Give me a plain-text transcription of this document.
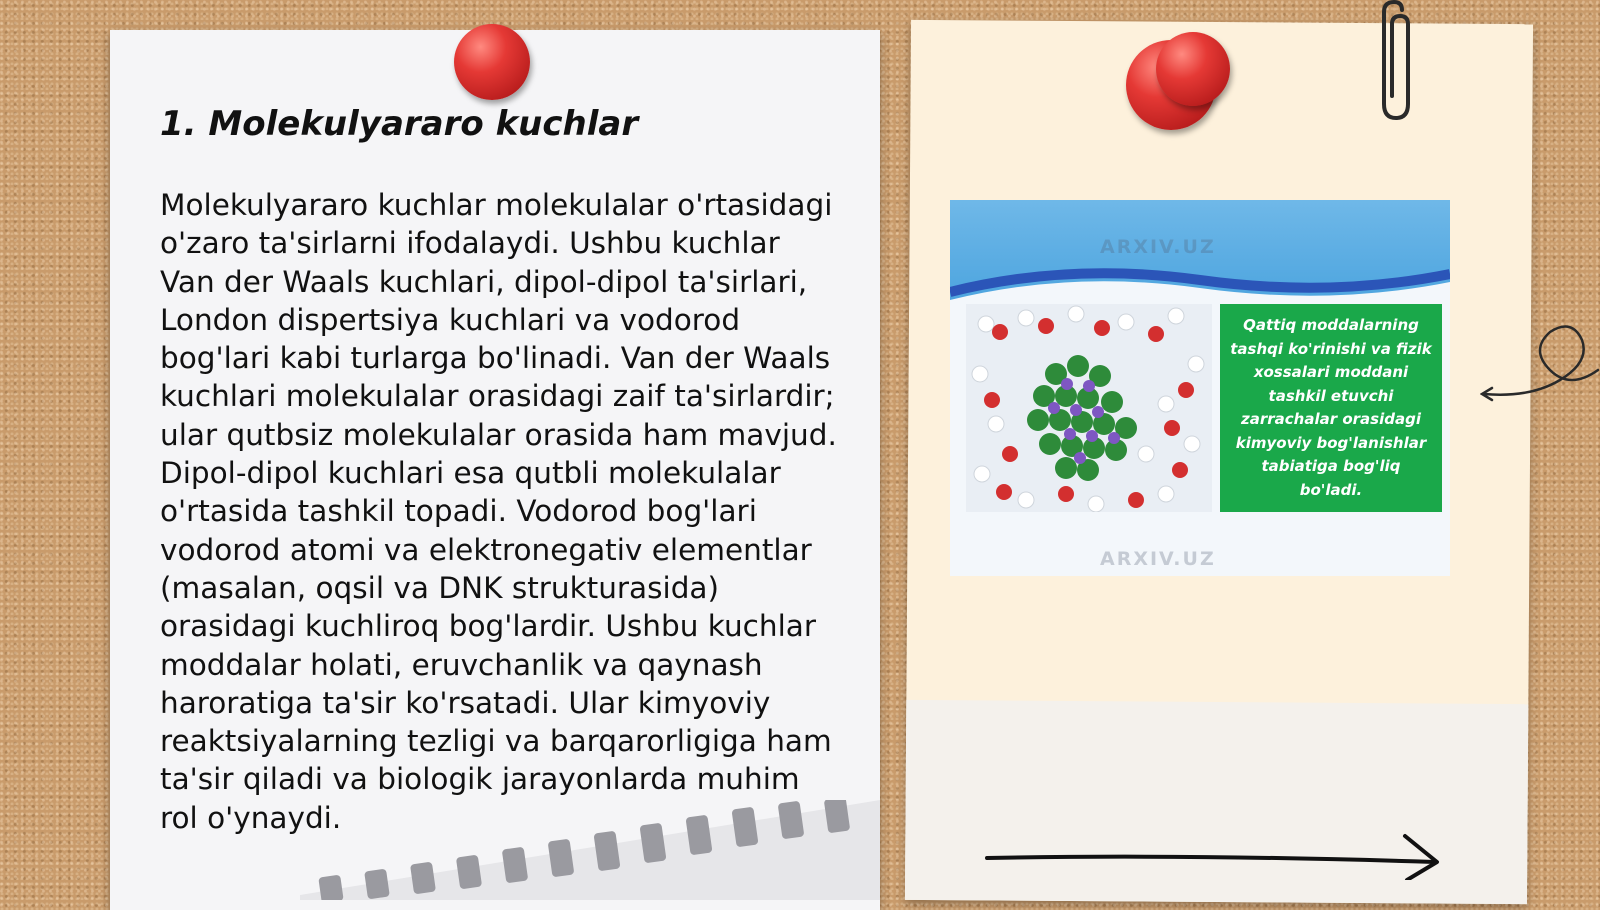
1. Molekulyararo kuchlar

Molekulyararo kuchlar molekulalar o'rtasidagi o'zaro ta'sirlarni ifodalaydi. Ushbu kuchlar Van der Waals kuchlari, dipol-dipol ta'sirlari, London dispertsiya kuchlari va vodorod bog'lari kabi turlarga bo'linadi. Van der Waals kuchlari molekulalar orasidagi zaif ta'sirlardir; ular qutbsiz molekulalar orasida ham mavjud. Dipol-dipol kuchlari esa qutbli molekulalar o'rtasida tashkil topadi. Vodorod bog'lari vodorod atomi va elektronegativ elementlar (masalan, oqsil va DNK strukturasida) orasidagi kuchliroq bog'lardir. Ushbu kuchlar moddalar holati, eruvchanlik va qaynash haroratiga ta'sir ko'rsatadi. Ular kimyoviy reaktsiyalarning tezligi va barqarorligiga ham ta'sir qiladi va biologik jarayonlarda muhim rol o'ynaydi.

ARXIV.UZ
ARXIV.UZ
Qattiq moddalarning tashqi ko'rinishi va fizik xossalari moddani tashkil etuvchi zarrachalar orasidagi kimyoviy bog'lanishlar tabiatiga bog'liq bo'ladi.
